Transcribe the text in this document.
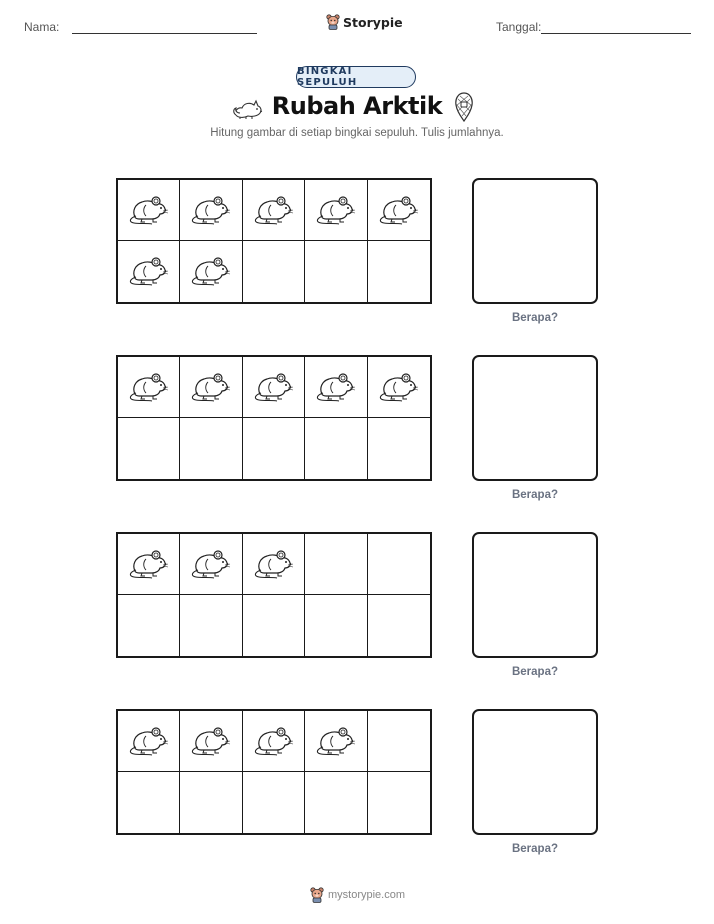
Nama:	Storypie	Tanggal:
BINGKAI SEPULUH
Rubah Arktik
Hitung gambar di setiap bingkai sepuluh. Tulis jumlahnya.
Berapa?
Berapa?
Berapa?
Berapa?
mystorypie.com
